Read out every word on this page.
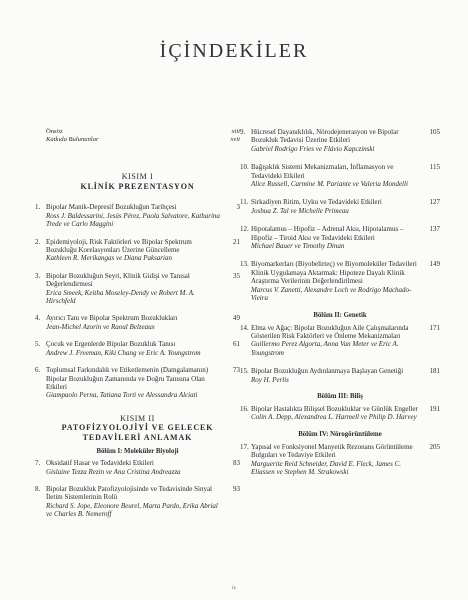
İÇİNDEKİLER
Önsöz	xiii
Katkıda Bulunanlar	xvii
KISIM I
KLİNİK PREZENTASYON
1. Bipolar Manik-Depresif Bozukluğun Tarihçesi
Ross J. Baldessarini, Jesús Pérez, Paola Salvatore, Katharina Trede ve Carlo Maggini
3
2. Epidemiyoloji, Risk Faktörleri ve Bipolar Spektrum Bozukluğu Korelasyonları Üzerine Güncelleme
Kathleen R. Merikangas ve Diana Paksarian
21
3. Bipolar Bozukluğun Seyri, Klinik Gidişi ve Tanısal Değerlendirmesi
Erica Smeek, Keitha Moseley-Dendy ve Robert M. A. Hirschfeld
35
4. Ayırıcı Tanı ve Bipolar Spektrum Bozuklukları
Jean-Michel Azorin ve Raoul Belzeaux
49
5. Çocuk ve Ergenlerde Bipolar Bozukluk Tanısı
Andrew J. Freeman, Kiki Chang ve Eric A. Youngstrom
61
6. Toplumsal Farkındalık ve Etiketlemenin (Damgalamanın) Bipolar Bozukluğun Zamanında ve Doğru Tanısına Olan Etkileri
Giampaolo Perna, Tatiana Torti ve Alessandra Alciati
73
KISIM II
PATOFİZYOLOJİYİ VE GELECEK
TEDAVİLERİ ANLAMAK
Bölüm I: Moleküler Biyoloji
7. Oksidatif Hasar ve Tedavideki Etkileri
Gislaine Tezza Rezin ve Ana Cristina Andreazza
83
8. Bipolar Bozukluk Patofizyolojisinde ve Tedavisinde Sinyal İletim Sistemlerinin Rolü
Richard S. Jope, Eleonore Beurel, Marta Pardo, Erika Abrial ve Charles B. Nemeroff
93
9. Hücresel Dayanıklılık, Nörodejenerasyon ve Bipolar Bozukluk Tedavisi Üzerine Etkileri
Gabriel Rodrigo Fries ve Flávio Kapczinski
105
10. Bağışıklık Sistemi Mekanizmaları, İnflamasyon ve Tedavideki Etkileri
Alice Russell, Carmine M. Pariante ve Valeria Mondelli
115
11. Sirkadiyen Ritim, Uyku ve Tedavideki Etkileri
Joshua Z. Tal ve Michelle Primeau
127
12. Hipotalamus – Hipofiz – Adrenal Aksı, Hipotalamus – Hipofiz – Tiroid Aksı ve Tedavideki Etkileri
Michael Bauer ve Timothy Dinan
137
13. Biyomarkerları (Biyobelirteç) ve Biyomoleküler Tedavileri Klinik Uygulamaya Aktarmak: Hipoteze Dayalı Klinik Araştırma Verilerinin Değerlendirilmesi
Marcus V. Zanetti, Alexandre Loch ve Rodrigo Machado-Vieira
149
Bölüm II: Genetik
14. Elma ve Ağaç: Bipolar Bozukluğun Aile Çalışmalarında Gösterilen Risk Faktörleri ve Önleme Mekanizmaları
Guillermo Perez Algorta, Anna Van Meter ve Eric A. Youngstrom
171
15. Bipolar Bozukluğun Aydınlanmaya Başlayan Genetiği
Roy H. Perlis
181
Bölüm III: Biliş
16. Bipolar Hastalıkta Bilişsel Bozukluklar ve Günlük Engeller
Colin A. Depp, Alexandrea L. Harmell ve Philip D. Harvey
191
Bölüm IV: Nörogörüntüleme
17. Yapısal ve Fonksiyonel Manyetik Rezonans Görüntüleme Bulguları ve Tedaviye Etkileri
Marguerite Reid Schneider, David E. Fleck, James C. Eliassen ve Stephen M. Strakowski
205
ix
